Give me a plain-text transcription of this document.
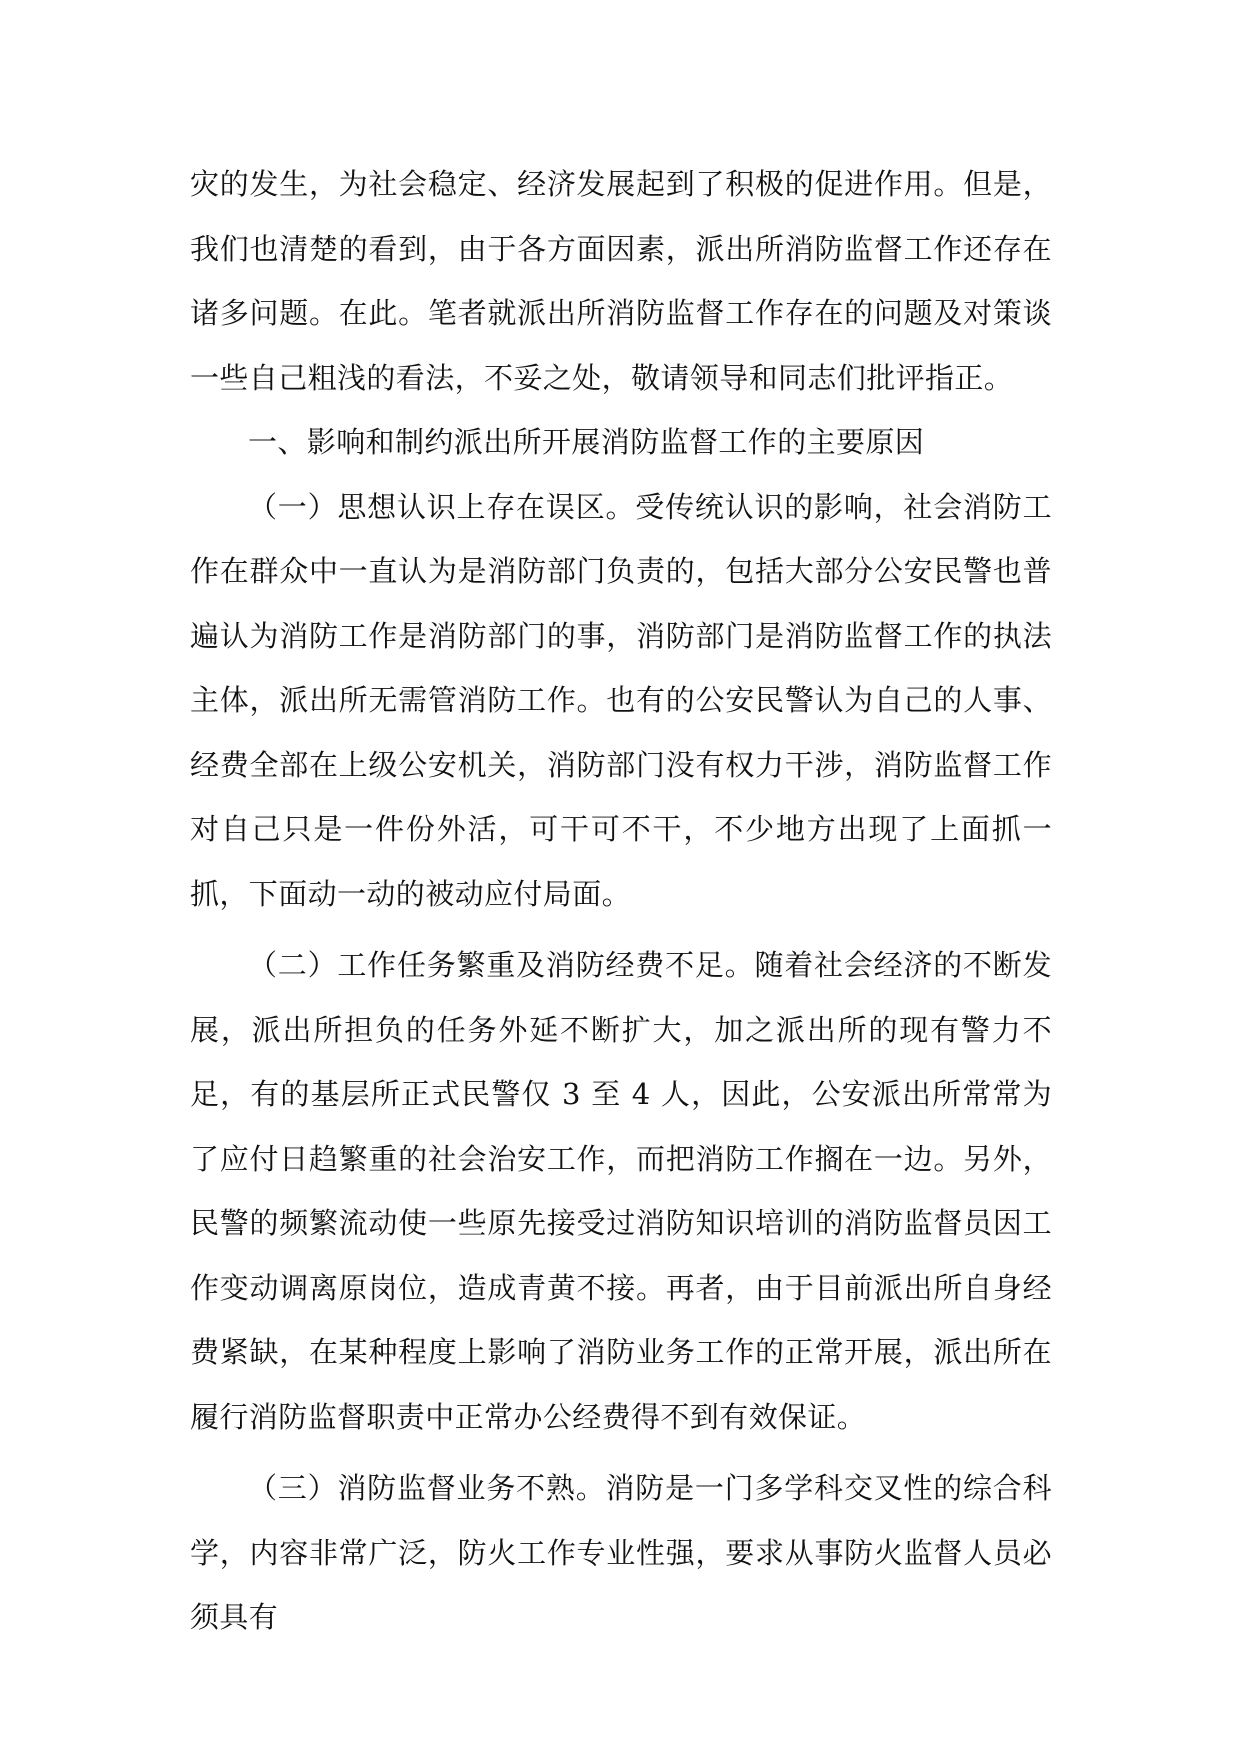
灾的发生，为社会稳定、经济发展起到了积极的促进作用。但是，我们也清楚的看到，由于各方面因素，派出所消防监督工作还存在诸多问题。在此。笔者就派出所消防监督工作存在的问题及对策谈一些自己粗浅的看法，不妥之处，敬请领导和同志们批评指正。

一、影响和制约派出所开展消防监督工作的主要原因

（一）思想认识上存在误区。受传统认识的影响，社会消防工作在群众中一直认为是消防部门负责的，包括大部分公安民警也普遍认为消防工作是消防部门的事，消防部门是消防监督工作的执法主体，派出所无需管消防工作。也有的公安民警认为自己的人事、经费全部在上级公安机关，消防部门没有权力干涉，消防监督工作对自己只是一件份外活，可干可不干，不少地方出现了上面抓一抓，下面动一动的被动应付局面。

（二）工作任务繁重及消防经费不足。随着社会经济的不断发展，派出所担负的任务外延不断扩大，加之派出所的现有警力不足，有的基层所正式民警仅 3 至 4 人，因此，公安派出所常常为了应付日趋繁重的社会治安工作，而把消防工作搁在一边。另外，民警的频繁流动使一些原先接受过消防知识培训的消防监督员因工作变动调离原岗位，造成青黄不接。再者，由于目前派出所自身经费紧缺，在某种程度上影响了消防业务工作的正常开展，派出所在履行消防监督职责中正常办公经费得不到有效保证。

（三）消防监督业务不熟。消防是一门多学科交叉性的综合科学，内容非常广泛，防火工作专业性强，要求从事防火监督人员必须具有
